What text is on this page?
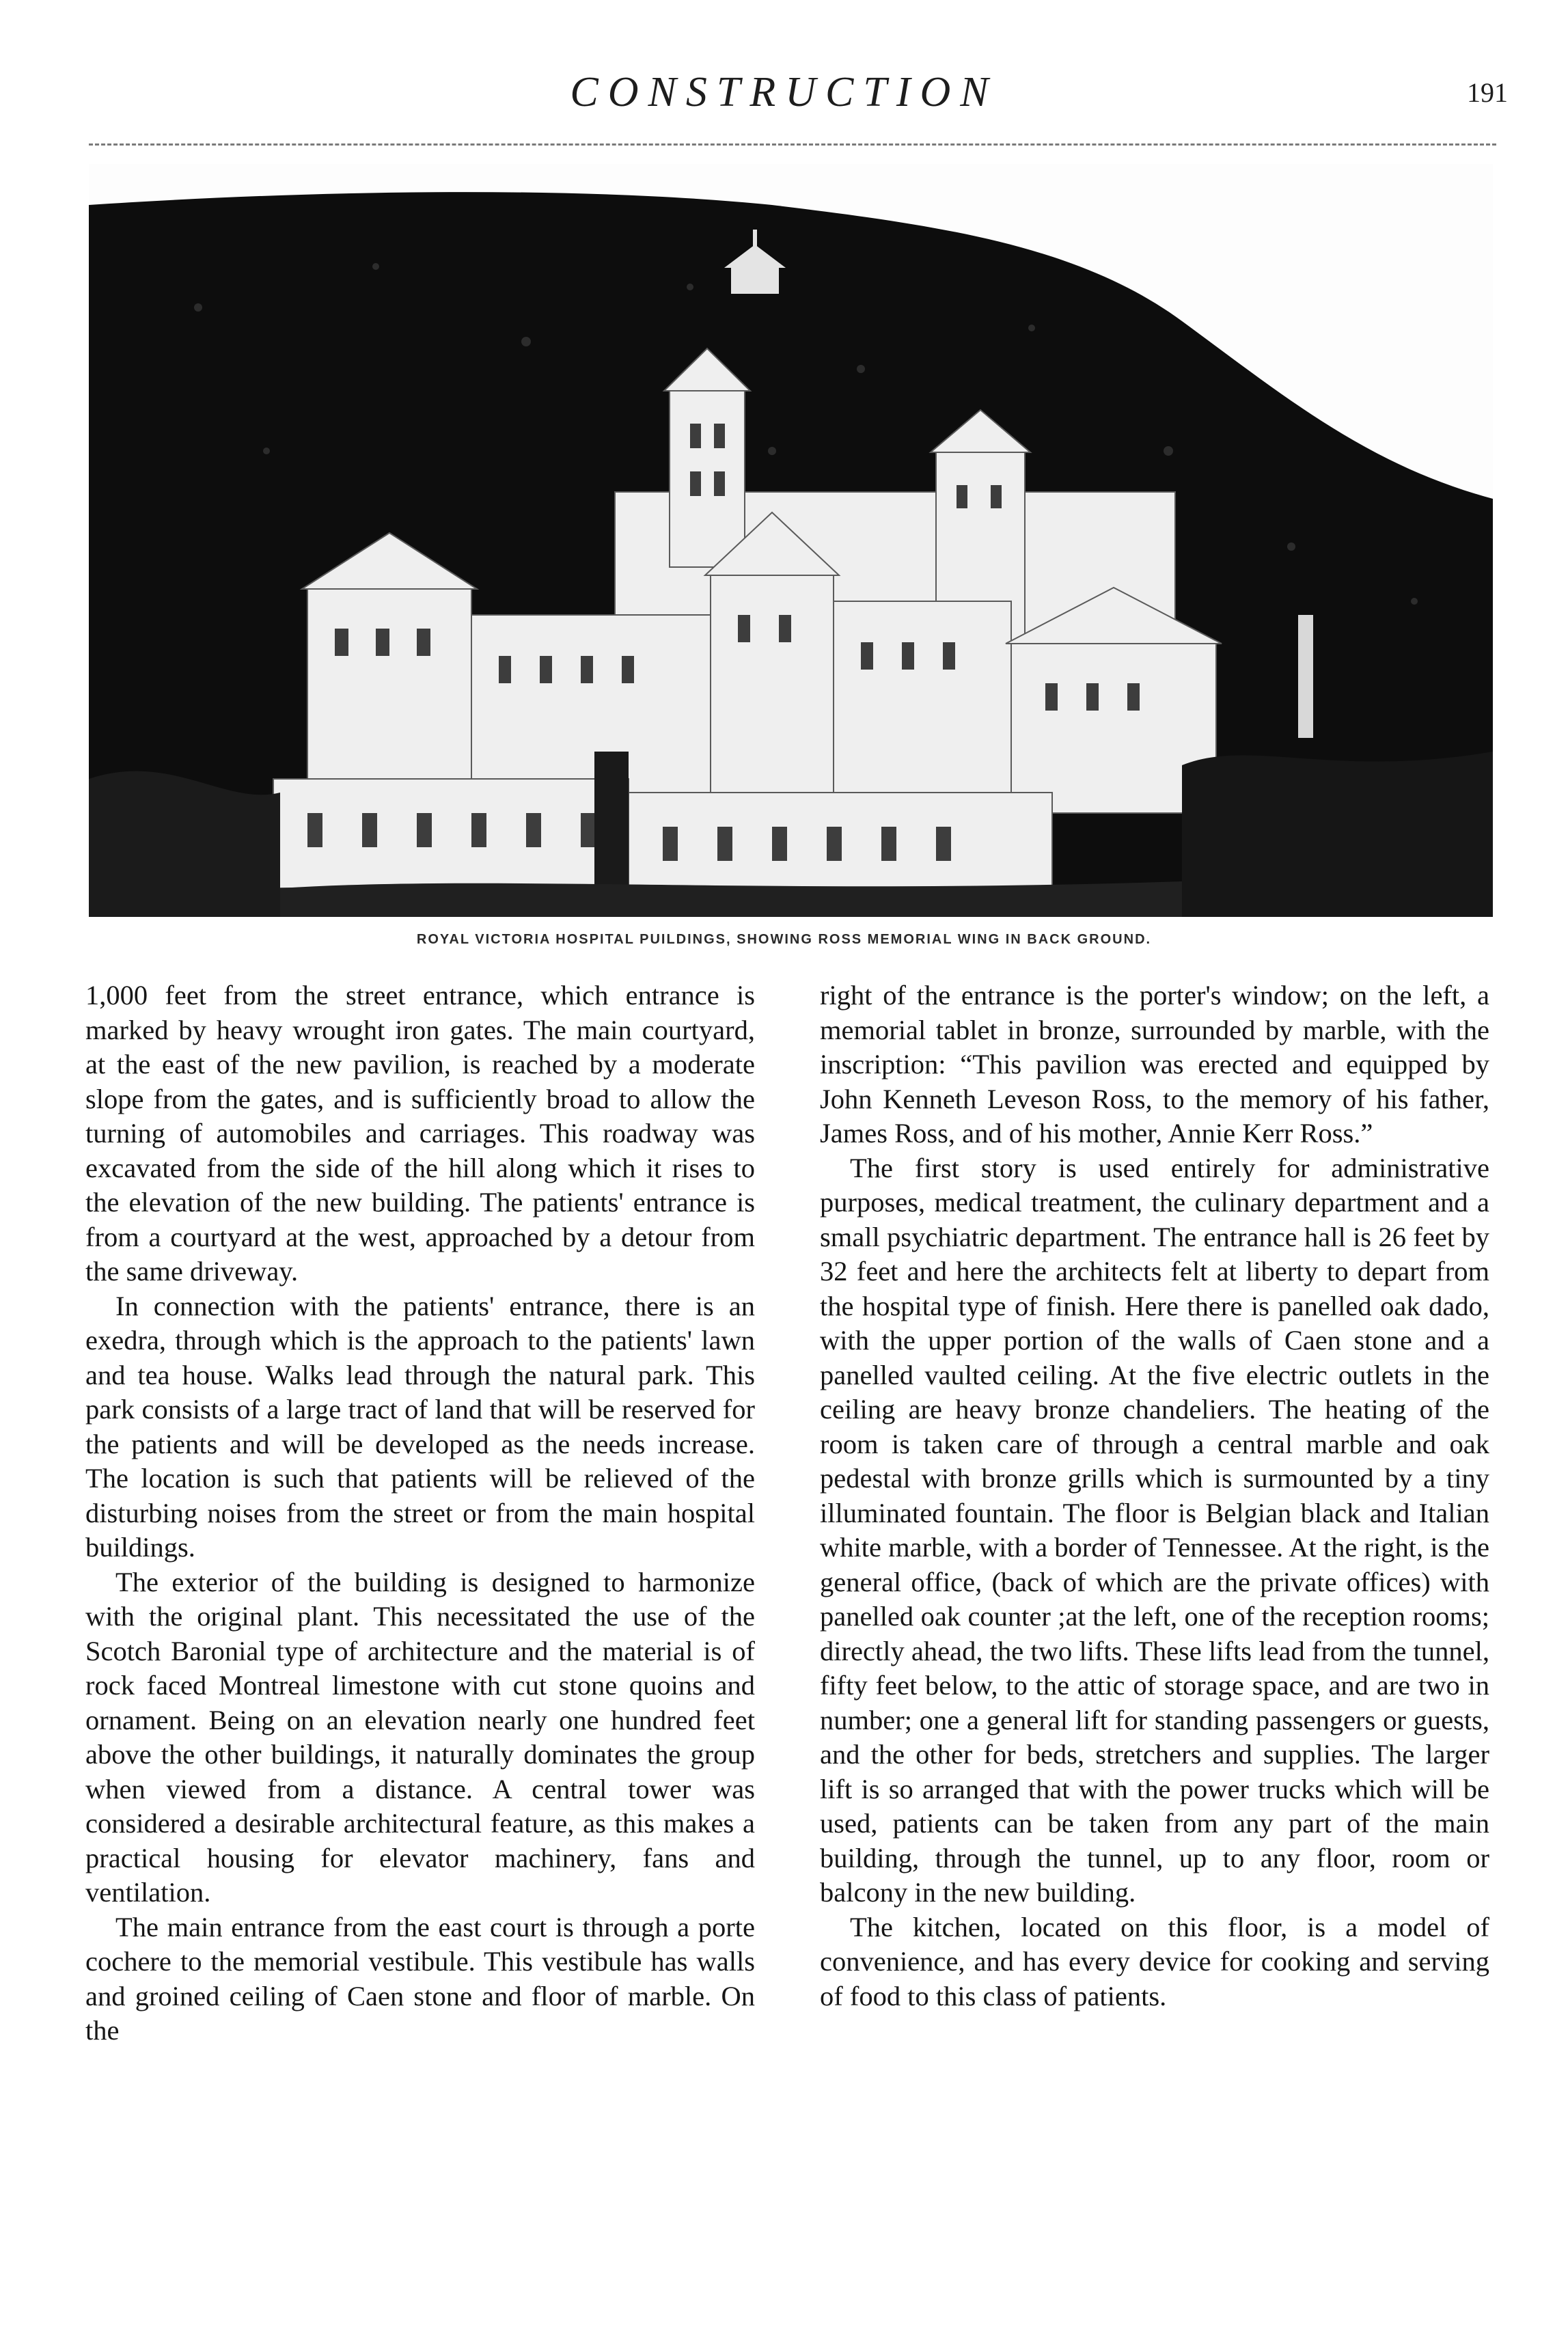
CONSTRUCTION	191
ROYAL VICTORIA HOSPITAL PUILDINGS, SHOWING ROSS MEMORIAL WING IN BACK GROUND.

1,000 feet from the street entrance, which entrance is marked by heavy wrought iron gates. The main courtyard, at the east of the new pavilion, is reached by a moderate slope from the gates, and is sufficiently broad to allow the turning of automobiles and carriages. This roadway was excavated from the side of the hill along which it rises to the elevation of the new building. The patients' entrance is from a courtyard at the west, approached by a detour from the same driveway.

In connection with the patients' entrance, there is an exedra, through which is the approach to the patients' lawn and tea house. Walks lead through the natural park. This park consists of a large tract of land that will be reserved for the patients and will be developed as the needs increase. The location is such that patients will be relieved of the disturbing noises from the street or from the main hospital buildings.

The exterior of the building is designed to harmonize with the original plant. This necessitated the use of the Scotch Baronial type of architecture and the material is of rock faced Montreal limestone with cut stone quoins and ornament. Being on an elevation nearly one hundred feet above the other buildings, it naturally dominates the group when viewed from a distance. A central tower was considered a desirable architectural feature, as this makes a practical housing for elevator machinery, fans and ventilation.

The main entrance from the east court is through a porte cochere to the memorial vestibule. This vestibule has walls and groined ceiling of Caen stone and floor of marble. On the

right of the entrance is the porter's window; on the left, a memorial tablet in bronze, surrounded by marble, with the inscription: “This pavilion was erected and equipped by John Kenneth Leveson Ross, to the memory of his father, James Ross, and of his mother, Annie Kerr Ross.”

The first story is used entirely for administrative purposes, medical treatment, the culinary department and a small psychiatric department. The entrance hall is 26 feet by 32 feet and here the architects felt at liberty to depart from the hospital type of finish. Here there is panelled oak dado, with the upper portion of the walls of Caen stone and a panelled vaulted ceiling. At the five electric outlets in the ceiling are heavy bronze chandeliers. The heating of the room is taken care of through a central marble and oak pedestal with bronze grills which is surmounted by a tiny illuminated fountain. The floor is Belgian black and Italian white marble, with a border of Tennessee. At the right, is the general office, (back of which are the private offices) with panelled oak counter ;at the left, one of the reception rooms; directly ahead, the two lifts. These lifts lead from the tunnel, fifty feet below, to the attic of storage space, and are two in number; one a general lift for standing passengers or guests, and the other for beds, stretchers and supplies. The larger lift is so arranged that with the power trucks which will be used, patients can be taken from any part of the main building, through the tunnel, up to any floor, room or balcony in the new building.

The kitchen, located on this floor, is a model of convenience, and has every device for cooking and serving of food to this class of patients.
